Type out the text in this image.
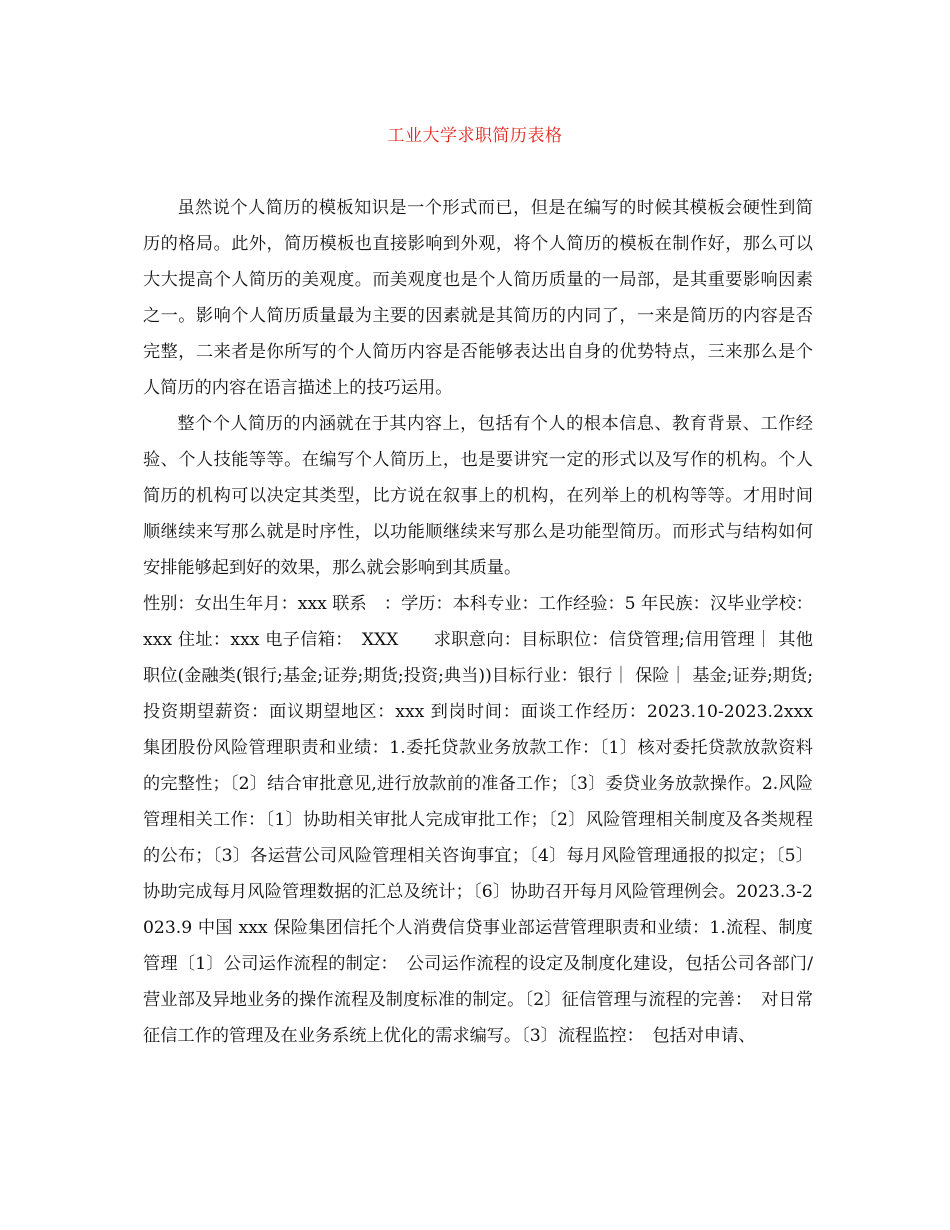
工业大学求职简历表格

虽然说个人简历的模板知识是一个形式而已，但是在编写的时候其模板会硬性到简历的格局。此外，简历模板也直接影响到外观，将个人简历的模板在制作好，那么可以大大提高个人简历的美观度。而美观度也是个人简历质量的一局部，是其重要影响因素之一。影响个人简历质量最为主要的因素就是其简历的内同了，一来是简历的内容是否完整，二来者是你所写的个人简历内容是否能够表达出自身的优势特点，三来那么是个人简历的内容在语言描述上的技巧运用。

整个个人简历的内涵就在于其内容上，包括有个人的根本信息、教育背景、工作经验、个人技能等等。在编写个人简历上，也是要讲究一定的形式以及写作的机构。个人简历的机构可以决定其类型，比方说在叙事上的机构，在列举上的机构等等。才用时间顺继续来写那么就是时序性，以功能顺继续来写那么是功能型简历。而形式与结构如何安排能够起到好的效果，那么就会影响到其质量。

性别：女出生年月：xxx 联系　：学历：本科专业：工作经验：5 年民族：汉毕业学校：xxx 住址：xxx 电子信箱：　XXX　　求职意向：目标职位：信贷管理;信用管理｜ 其他职位(金融类(银行;基金;证券;期货;投资;典当))目标行业：银行｜ 保险｜ 基金;证券;期货;投资期望薪资：面议期望地区：xxx 到岗时间：面谈工作经历：2023.10-2023.2xxx 集团股份风险管理职责和业绩：1.委托贷款业务放款工作：〔1〕核对委托贷款放款资料的完整性；〔2〕结合审批意见,进行放款前的准备工作；〔3〕委贷业务放款操作。2.风险管理相关工作：〔1〕协助相关审批人完成审批工作；〔2〕风险管理相关制度及各类规程的公布；〔3〕各运营公司风险管理相关咨询事宜；〔4〕每月风险管理通报的拟定；〔5〕协助完成每月风险管理数据的汇总及统计；〔6〕协助召开每月风险管理例会。2023.3-2023.9 中国 xxx 保险集团信托个人消费信贷事业部运营管理职责和业绩：1.流程、制度管理〔1〕公司运作流程的制定：　公司运作流程的设定及制度化建设，包括公司各部门/营业部及异地业务的操作流程及制度标准的制定。〔2〕征信管理与流程的完善：　对日常征信工作的管理及在业务系统上优化的需求编写。〔3〕流程监控：　包括对申请、
